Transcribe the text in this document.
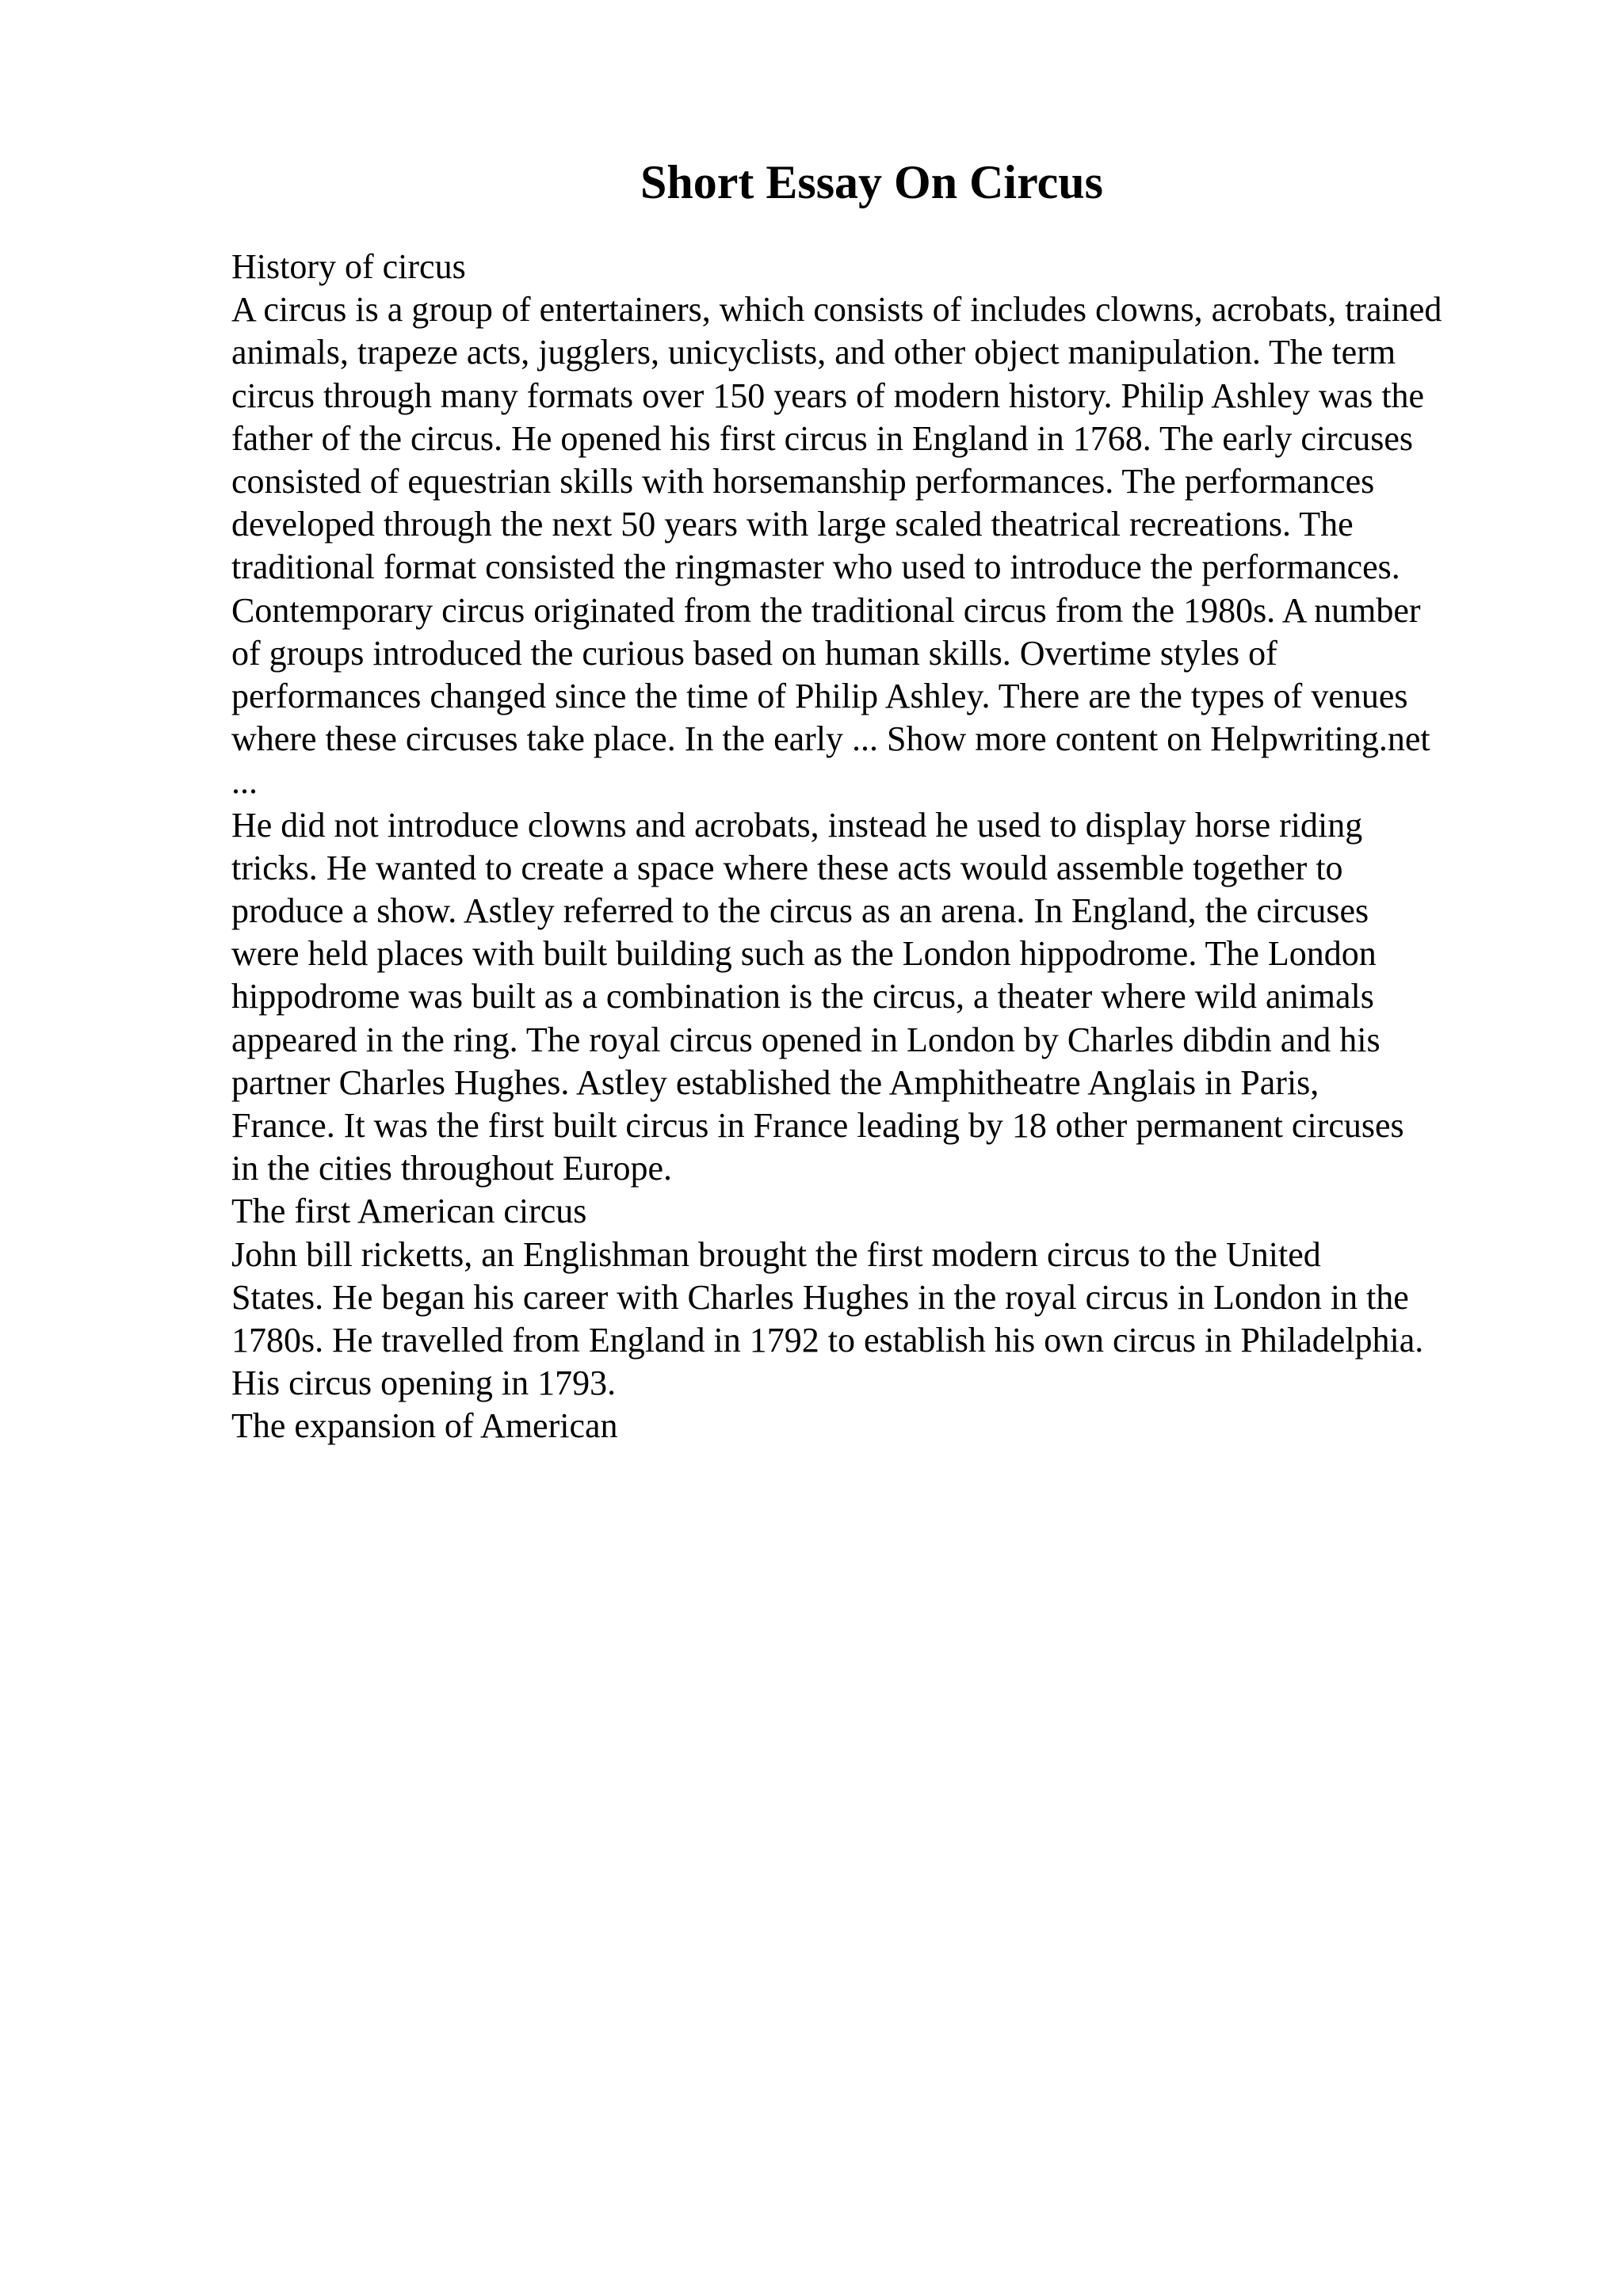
Short Essay On Circus
History of circus
A circus is a group of entertainers, which consists of includes clowns, acrobats, trained
animals, trapeze acts, jugglers, unicyclists, and other object manipulation. The term
circus through many formats over 150 years of modern history. Philip Ashley was the
father of the circus. He opened his first circus in England in 1768. The early circuses
consisted of equestrian skills with horsemanship performances. The performances
developed through the next 50 years with large scaled theatrical recreations. The
traditional format consisted the ringmaster who used to introduce the performances.
Contemporary circus originated from the traditional circus from the 1980s. A number
of groups introduced the curious based on human skills. Overtime styles of
performances changed since the time of Philip Ashley. There are the types of venues
where these circuses take place. In the early ... Show more content on Helpwriting.net
...
He did not introduce clowns and acrobats, instead he used to display horse riding
tricks. He wanted to create a space where these acts would assemble together to
produce a show. Astley referred to the circus as an arena. In England, the circuses
were held places with built building such as the London hippodrome. The London
hippodrome was built as a combination is the circus, a theater where wild animals
appeared in the ring. The royal circus opened in London by Charles dibdin and his
partner Charles Hughes. Astley established the Amphitheatre Anglais in Paris,
France. It was the first built circus in France leading by 18 other permanent circuses
in the cities throughout Europe.
The first American circus
John bill ricketts, an Englishman brought the first modern circus to the United
States. He began his career with Charles Hughes in the royal circus in London in the
1780s. He travelled from England in 1792 to establish his own circus in Philadelphia.
His circus opening in 1793.
The expansion of American
